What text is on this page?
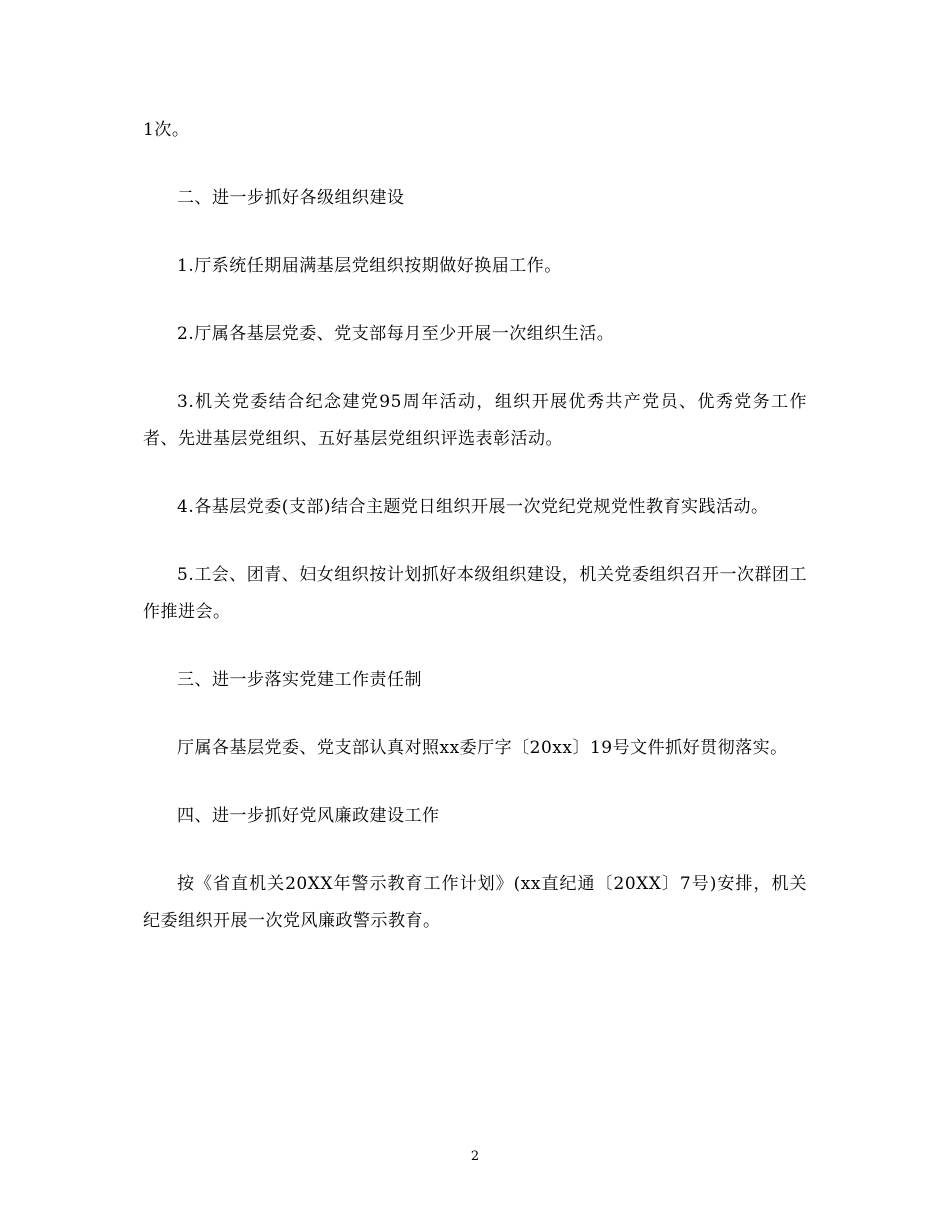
1次。

二、进一步抓好各级组织建设

1.厅系统任期届满基层党组织按期做好换届工作。

2.厅属各基层党委、党支部每月至少开展一次组织生活。

3.机关党委结合纪念建党95周年活动，组织开展优秀共产党员、优秀党务工作者、先进基层党组织、五好基层党组织评选表彰活动。

4.各基层党委(支部)结合主题党日组织开展一次党纪党规党性教育实践活动。

5.工会、团青、妇女组织按计划抓好本级组织建设，机关党委组织召开一次群团工作推进会。

三、进一步落实党建工作责任制

厅属各基层党委、党支部认真对照xx委厅字〔20xx〕19号文件抓好贯彻落实。

四、进一步抓好党风廉政建设工作

按《省直机关20XX年警示教育工作计划》(xx直纪通〔20XX〕7号)安排，机关纪委组织开展一次党风廉政警示教育。

2
